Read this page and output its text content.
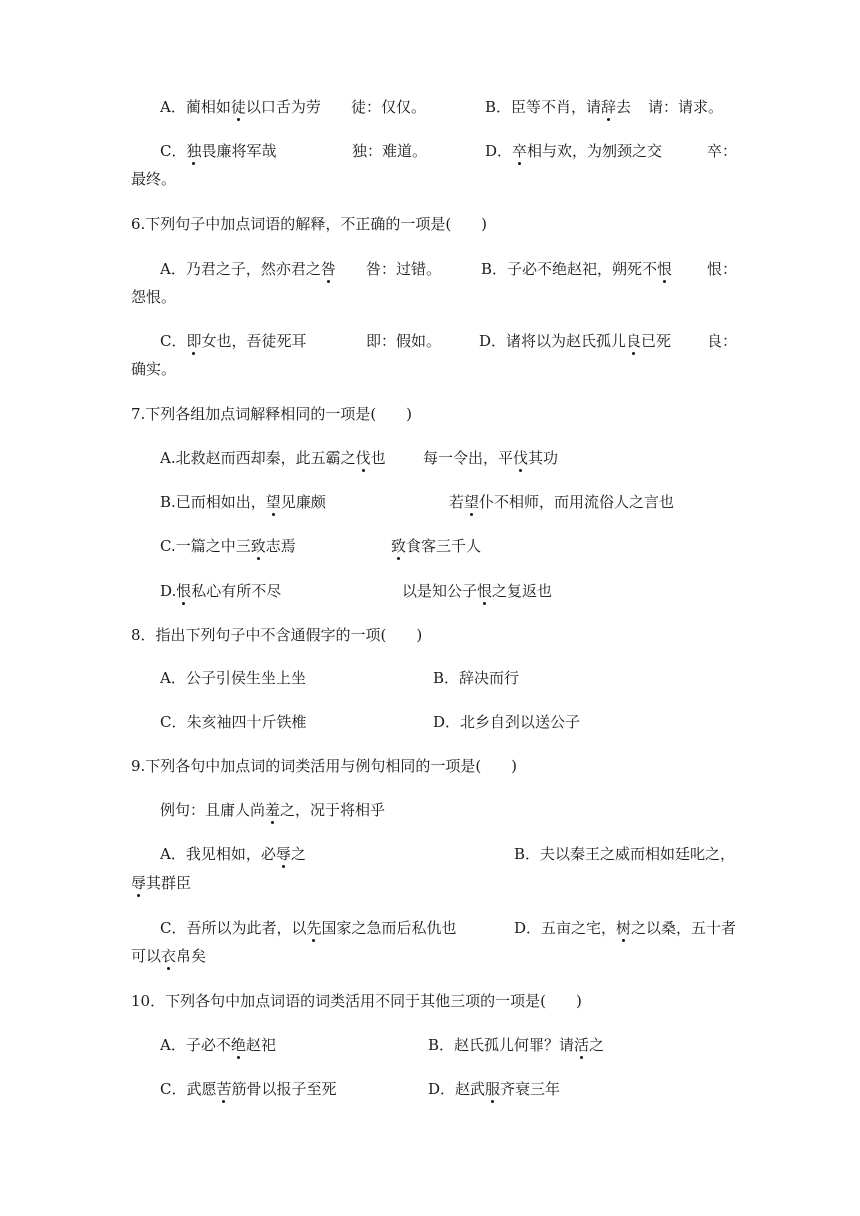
A．蔺相如徒以口舌为劳 徒：仅仅。	B．臣等不肖，请辞去 请：请求。
C．独畏廉将军哉	独：难道。	D．卒相与欢，为刎颈之交	卒：
最终。
6.下列句子中加点词语的解释，不正确的一项是(　　)
A．乃君之子，然亦君之咎 咎：过错。	B．子必不绝赵祀，朔死不恨 恨：
怨恨。
C．即女也，吾徒死耳	即：假如。	D．诸将以为赵氏孤儿良已死 良：
确实。
7.下列各组加点词解释相同的一项是(　　)
A.北救赵而西却秦，此五霸之伐也 每一令出，平伐其功
B.已而相如出，望见廉颇	若望仆不相师，而用流俗人之言也
C.一篇之中三致志焉	致食客三千人
D.恨私心有所不尽	以是知公子恨之复返也
8．指出下列句子中不含通假字的一项(　　)
A．公子引侯生坐上坐	B．辞决而行
C．朱亥袖四十斤铁椎	D．北乡自刭以送公子
9.下列各句中加点词的词类活用与例句相同的一项是(　　)
例句：且庸人尚羞之，况于将相乎
A．我见相如，必辱之	B．夫以秦王之威而相如廷叱之，
辱其群臣
C．吾所以为此者，以先国家之急而后私仇也	D．五亩之宅，树之以桑，五十者
可以衣帛矣
10．下列各句中加点词语的词类活用不同于其他三项的一项是(　　)
A．子必不绝赵祀	B．赵氏孤儿何罪？请活之
C．武愿苦筋骨以报子至死	D．赵武服齐衰三年
